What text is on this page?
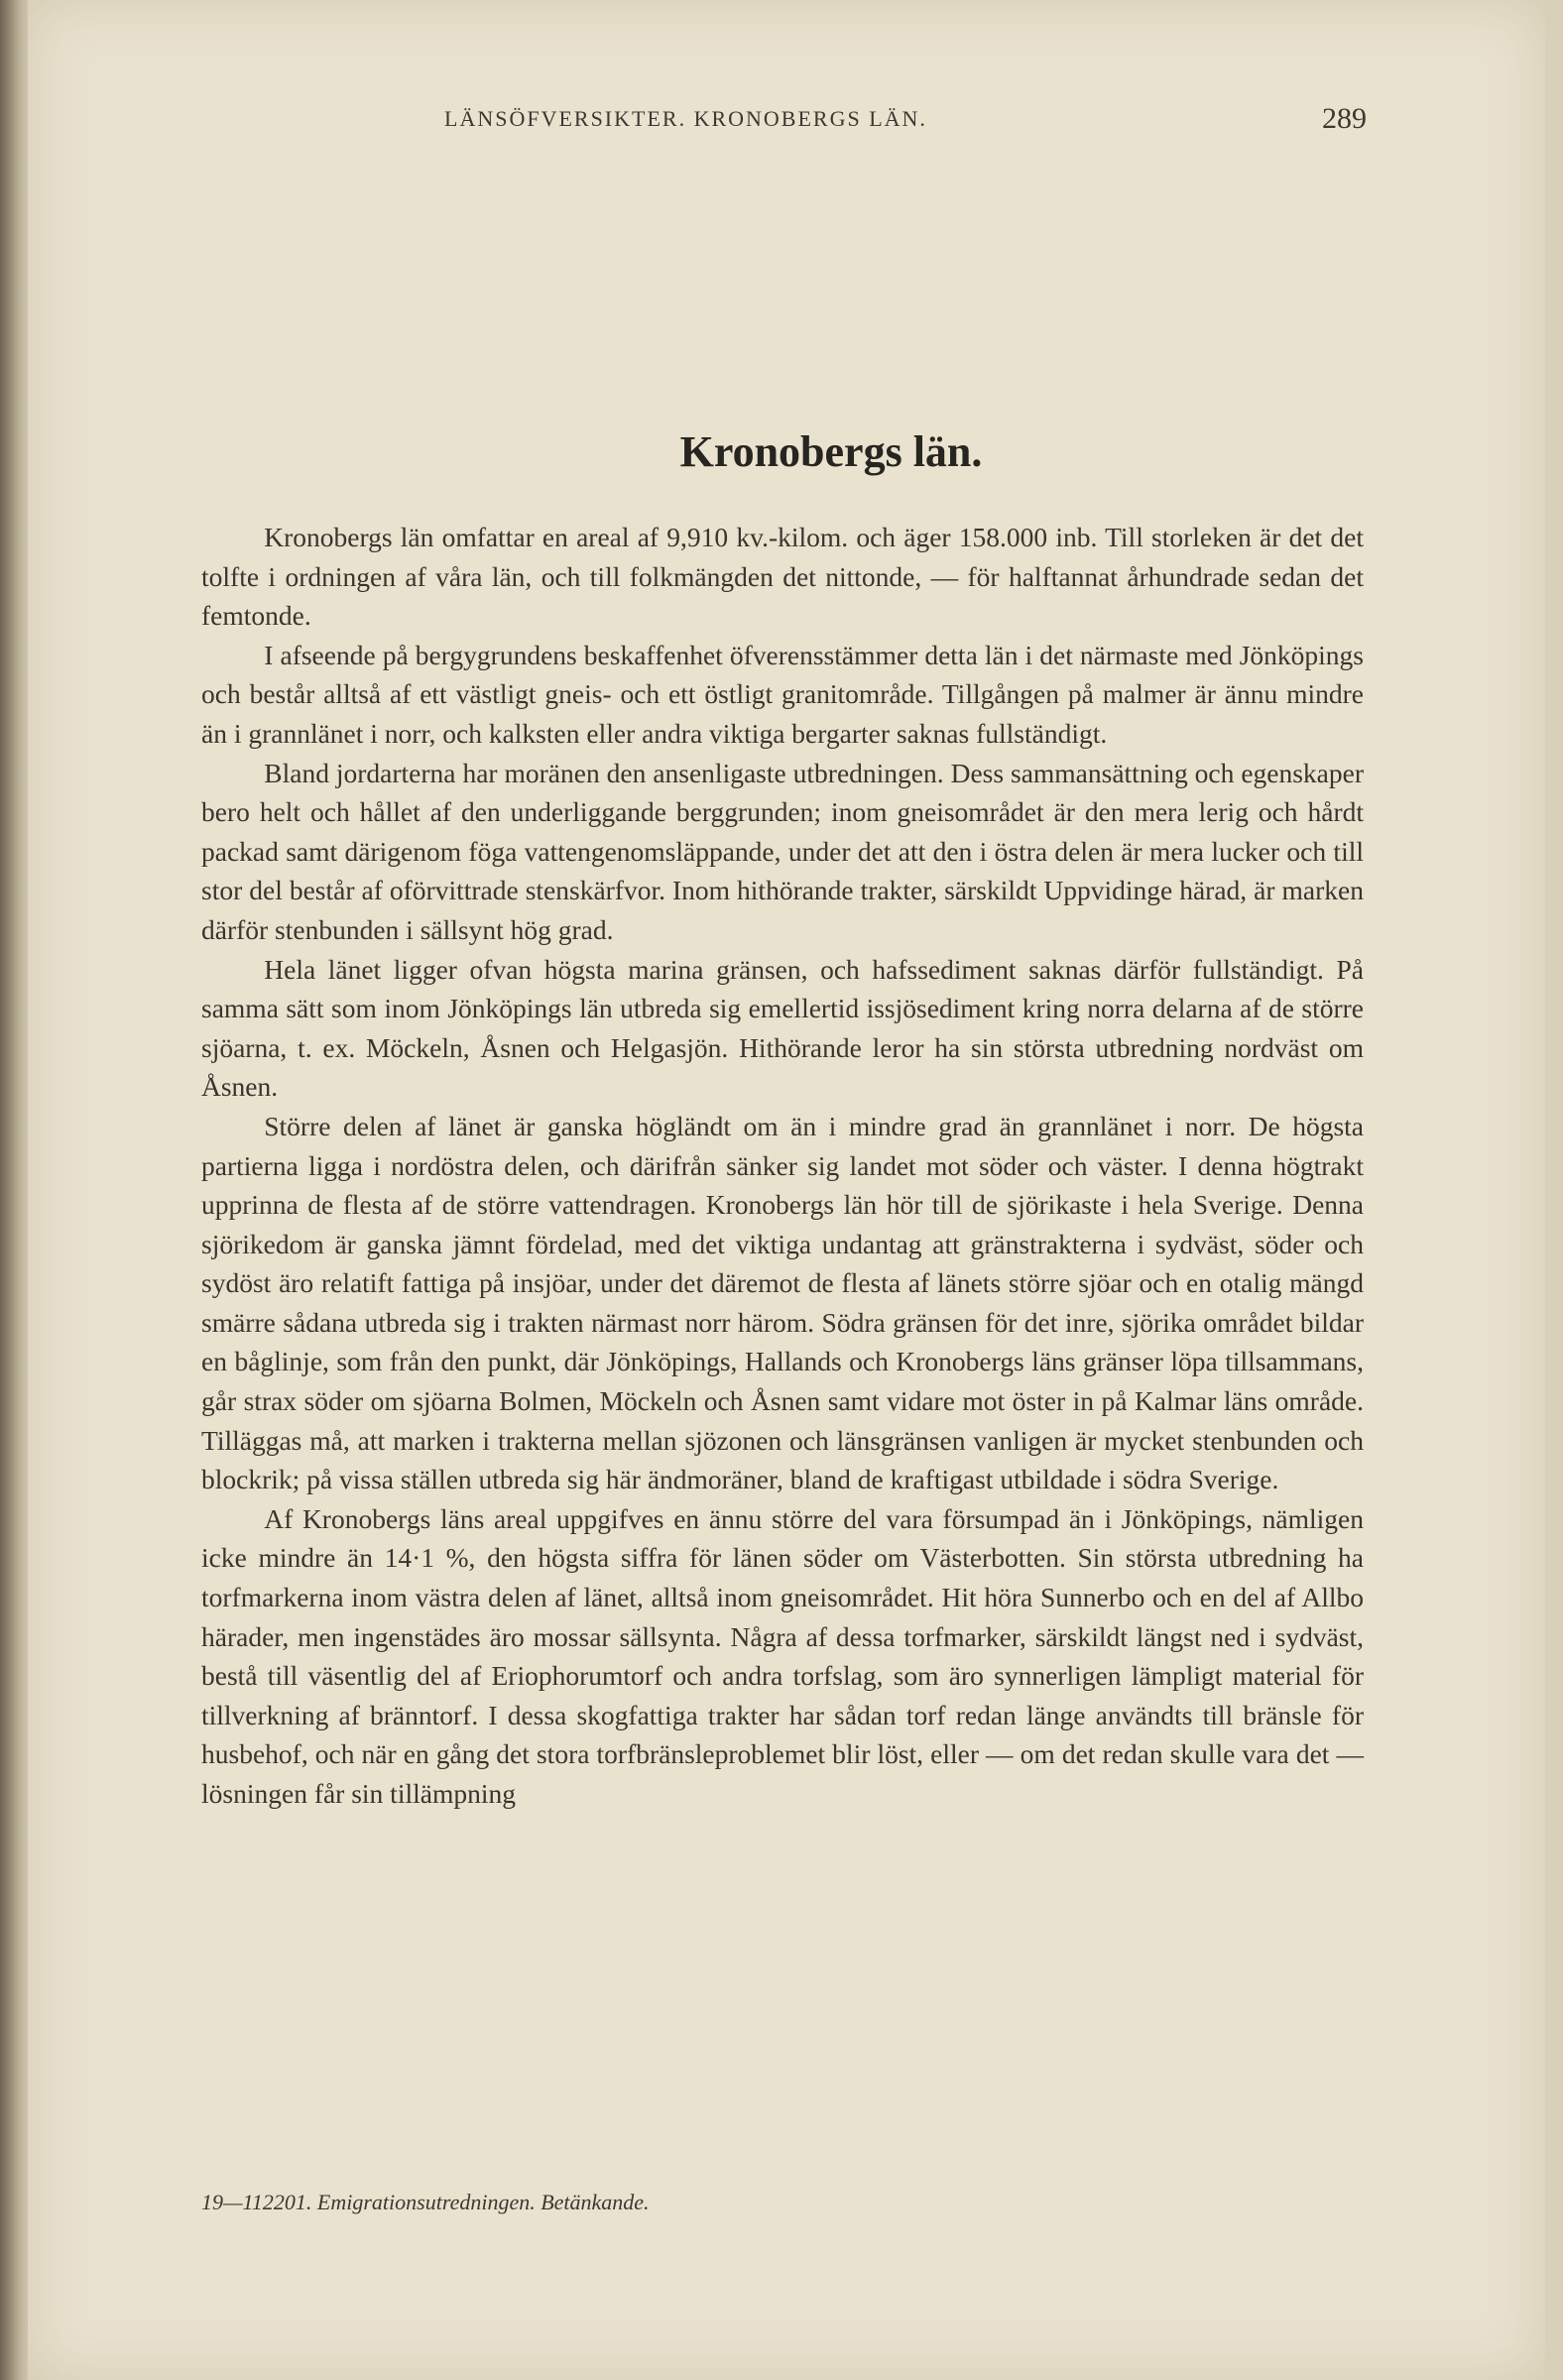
LÄNSÖFVERSIKTER. KRONOBERGS LÄN.	289
Kronobergs län.

Kronobergs län omfattar en areal af 9,910 kv.-kilom. och äger 158.000 inb. Till storleken är det det tolfte i ordningen af våra län, och till folkmängden det nittonde, — för halftannat århundrade sedan det femtonde.

I afseende på bergygrundens beskaffenhet öfverensstämmer detta län i det närmaste med Jönköpings och består alltså af ett västligt gneis- och ett östligt granitområde. Tillgången på malmer är ännu mindre än i grannlänet i norr, och kalksten eller andra viktiga bergarter saknas fullständigt.

Bland jordarterna har moränen den ansenligaste utbredningen. Dess sammansättning och egenskaper bero helt och hållet af den underliggande berggrunden; inom gneisområdet är den mera lerig och hårdt packad samt därigenom föga vattengenomsläppande, under det att den i östra delen är mera lucker och till stor del består af oförvittrade stenskärfvor. Inom hithörande trakter, särskildt Uppvidinge härad, är marken därför stenbunden i sällsynt hög grad.

Hela länet ligger ofvan högsta marina gränsen, och hafssediment saknas därför fullständigt. På samma sätt som inom Jönköpings län utbreda sig emellertid issjösediment kring norra delarna af de större sjöarna, t. ex. Möckeln, Åsnen och Helgasjön. Hithörande leror ha sin största utbredning nordväst om Åsnen.

Större delen af länet är ganska högländt om än i mindre grad än grannlänet i norr. De högsta partierna ligga i nordöstra delen, och därifrån sänker sig landet mot söder och väster. I denna högtrakt upprinna de flesta af de större vattendragen. Kronobergs län hör till de sjörikaste i hela Sverige. Denna sjörikedom är ganska jämnt fördelad, med det viktiga undantag att gränstrakterna i sydväst, söder och sydöst äro relatift fattiga på insjöar, under det däremot de flesta af länets större sjöar och en otalig mängd smärre sådana utbreda sig i trakten närmast norr härom. Södra gränsen för det inre, sjörika området bildar en båglinje, som från den punkt, där Jönköpings, Hallands och Kronobergs läns gränser löpa tillsammans, går strax söder om sjöarna Bolmen, Möckeln och Åsnen samt vidare mot öster in på Kalmar läns område. Tilläggas må, att marken i trakterna mellan sjözonen och länsgränsen vanligen är mycket stenbunden och blockrik; på vissa ställen utbreda sig här ändmoräner, bland de kraftigast utbildade i södra Sverige.

Af Kronobergs läns areal uppgifves en ännu större del vara försumpad än i Jönköpings, nämligen icke mindre än 14·1 %, den högsta siffra för länen söder om Västerbotten. Sin största utbredning ha torfmarkerna inom västra delen af länet, alltså inom gneisområdet. Hit höra Sunnerbo och en del af Allbo härader, men ingenstädes äro mossar sällsynta. Några af dessa torfmarker, särskildt längst ned i sydväst, bestå till väsentlig del af Eriophorumtorf och andra torfslag, som äro synnerligen lämpligt material för tillverkning af bränntorf. I dessa skogfattiga trakter har sådan torf redan länge användts till bränsle för husbehof, och när en gång det stora torfbränsleproblemet blir löst, eller — om det redan skulle vara det — lösningen får sin tillämpning

19—112201. Emigrationsutredningen. Betänkande.
